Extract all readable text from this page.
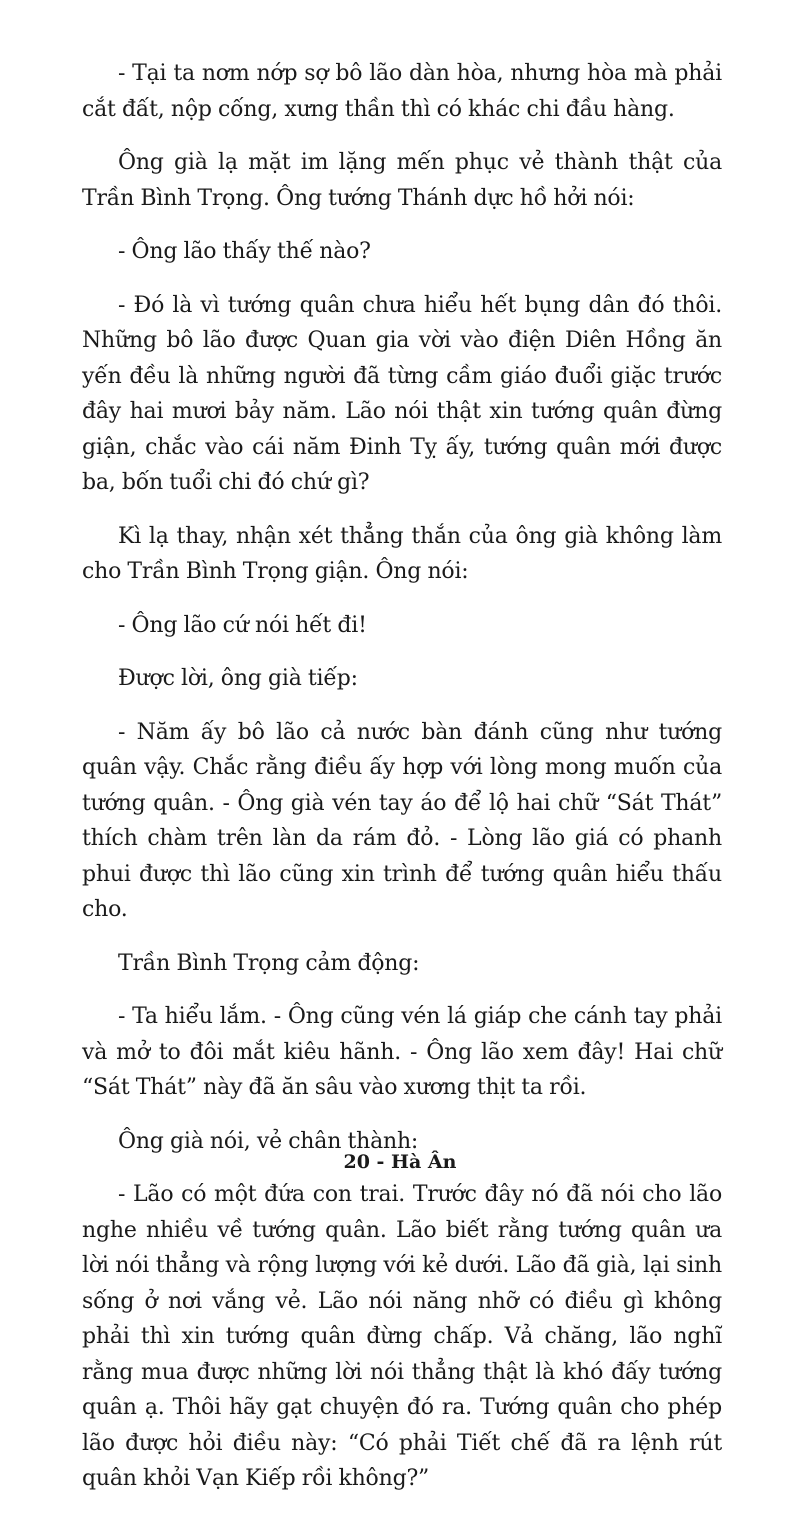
- Tại ta nơm nớp sợ bô lão dàn hòa, nhưng hòa mà phải cắt đất, nộp cống, xưng thần thì có khác chi đầu hàng.

Ông già lạ mặt im lặng mến phục vẻ thành thật của Trần Bình Trọng. Ông tướng Thánh dực hồ hởi nói:

- Ông lão thấy thế nào?

- Đó là vì tướng quân chưa hiểu hết bụng dân đó thôi. Những bô lão được Quan gia vời vào điện Diên Hồng ăn yến đều là những người đã từng cầm giáo đuổi giặc trước đây hai mươi bảy năm. Lão nói thật xin tướng quân đừng giận, chắc vào cái năm Đinh Tỵ ấy, tướng quân mới được ba, bốn tuổi chi đó chứ gì?

Kì lạ thay, nhận xét thẳng thắn của ông già không làm cho Trần Bình Trọng giận. Ông nói:

- Ông lão cứ nói hết đi!

Được lời, ông già tiếp:

- Năm ấy bô lão cả nước bàn đánh cũng như tướng quân vậy. Chắc rằng điều ấy hợp với lòng mong muốn của tướng quân. - Ông già vén tay áo để lộ hai chữ “Sát Thát” thích chàm trên làn da rám đỏ. - Lòng lão giá có phanh phui được thì lão cũng xin trình để tướng quân hiểu thấu cho.

Trần Bình Trọng cảm động:

- Ta hiểu lắm. - Ông cũng vén lá giáp che cánh tay phải và mở to đôi mắt kiêu hãnh. - Ông lão xem đây! Hai chữ “Sát Thát” này đã ăn sâu vào xương thịt ta rồi.

Ông già nói, vẻ chân thành:

- Lão có một đứa con trai. Trước đây nó đã nói cho lão nghe nhiều về tướng quân. Lão biết rằng tướng quân ưa lời nói thẳng và rộng lượng với kẻ dưới. Lão đã già, lại sinh sống ở nơi vắng vẻ. Lão nói năng nhỡ có điều gì không phải thì xin tướng quân đừng chấp. Vả chăng, lão nghĩ rằng mua được những lời nói thẳng thật là khó đấy tướng quân ạ. Thôi hãy gạt chuyện đó ra. Tướng quân cho phép lão được hỏi điều này: “Có phải Tiết chế đã ra lệnh rút quân khỏi Vạn Kiếp rồi không?”

20 - Hà Ân
